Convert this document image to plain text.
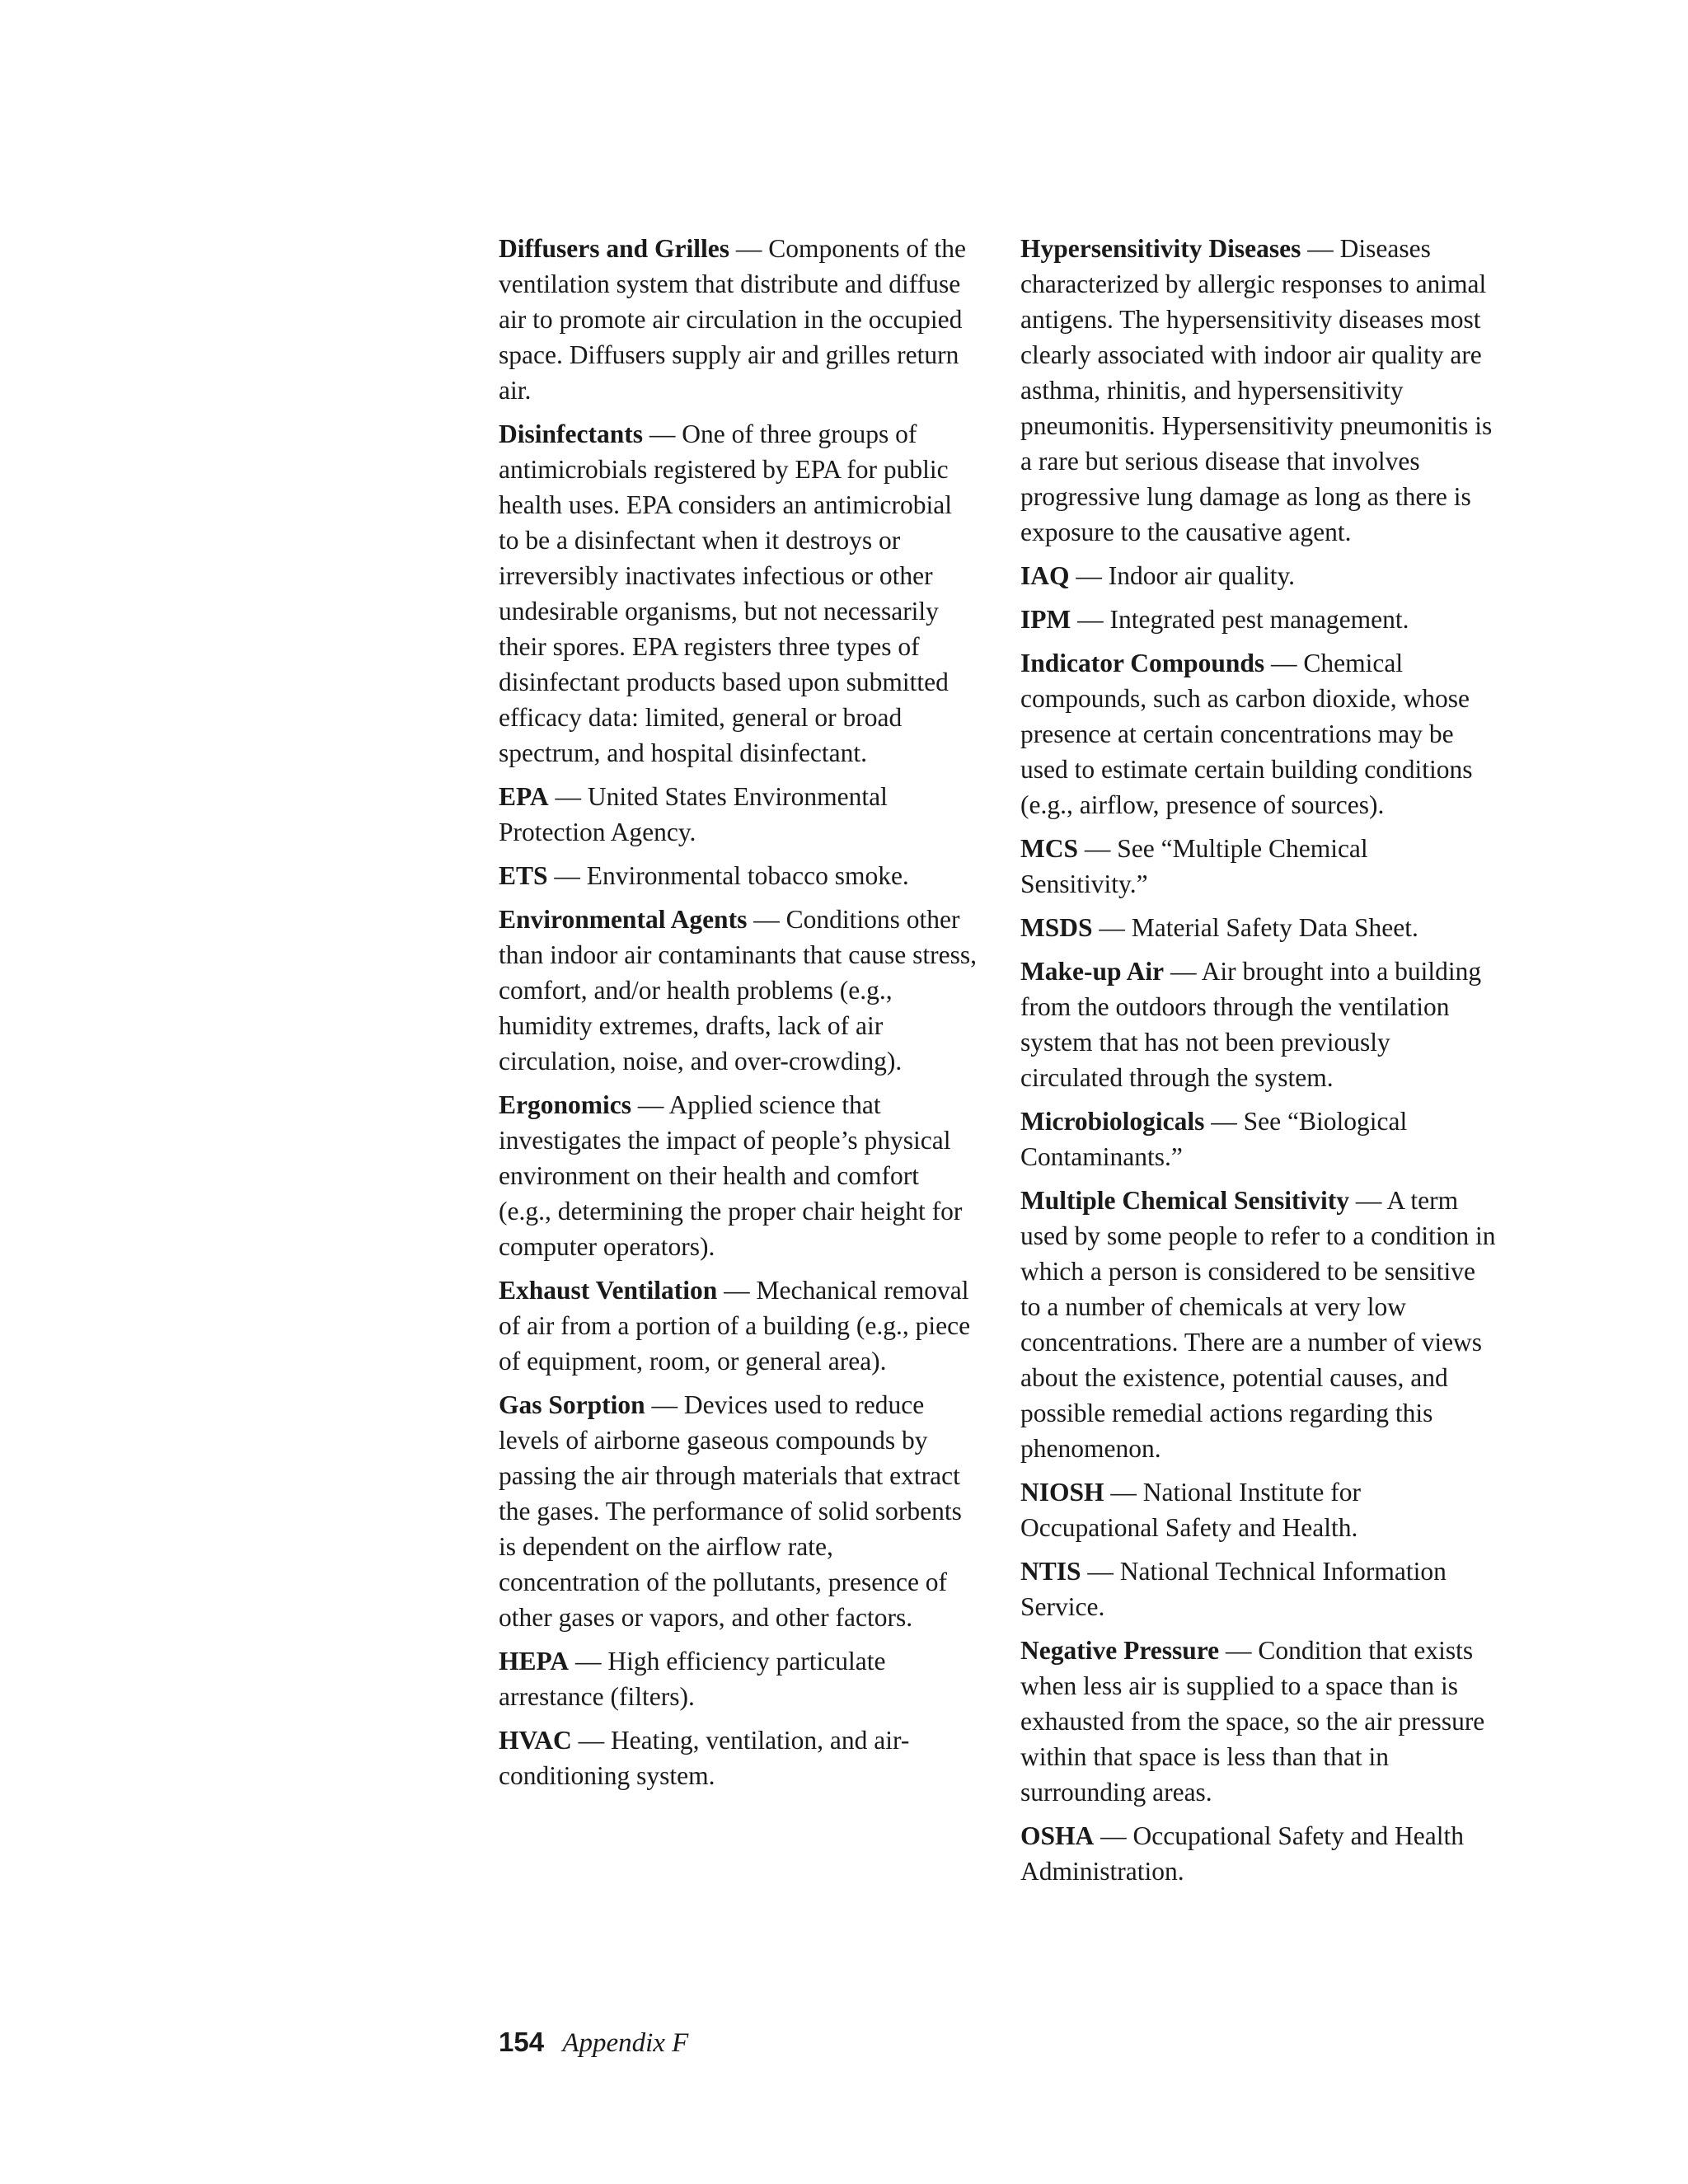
Diffusers and Grilles — Components of the ventilation system that distribute and diffuse air to promote air circulation in the occupied space. Diffusers supply air and grilles return air.

Disinfectants — One of three groups of antimicrobials registered by EPA for public health uses. EPA considers an antimicrobial to be a disinfectant when it destroys or irreversibly inactivates infectious or other undesirable organisms, but not necessarily their spores. EPA registers three types of disinfectant products based upon submitted efficacy data: limited, general or broad spectrum, and hospital disinfectant.

EPA — United States Environmental Protection Agency.

ETS — Environmental tobacco smoke.

Environmental Agents — Conditions other than indoor air contaminants that cause stress, comfort, and/or health problems (e.g., humidity extremes, drafts, lack of air circulation, noise, and over-crowding).

Ergonomics — Applied science that investigates the impact of people’s physical environment on their health and comfort (e.g., determining the proper chair height for computer operators).

Exhaust Ventilation — Mechanical removal of air from a portion of a building (e.g., piece of equipment, room, or general area).

Gas Sorption — Devices used to reduce levels of airborne gaseous compounds by passing the air through materials that extract the gases. The performance of solid sorbents is dependent on the airflow rate, concentration of the pollutants, presence of other gases or vapors, and other factors.

HEPA — High efficiency particulate arrestance (filters).

HVAC — Heating, ventilation, and air-conditioning system.

Hypersensitivity Diseases — Diseases characterized by allergic responses to animal antigens. The hypersensitivity diseases most clearly associated with indoor air quality are asthma, rhinitis, and hypersensitivity pneumonitis. Hypersensitivity pneumonitis is a rare but serious disease that involves progressive lung damage as long as there is exposure to the causative agent.

IAQ — Indoor air quality.

IPM — Integrated pest management.

Indicator Compounds — Chemical compounds, such as carbon dioxide, whose presence at certain concentrations may be used to estimate certain building conditions (e.g., airflow, presence of sources).

MCS — See “Multiple Chemical Sensitivity.”

MSDS — Material Safety Data Sheet.

Make-up Air — Air brought into a building from the outdoors through the ventilation system that has not been previously circulated through the system.

Microbiologicals — See “Biological Contaminants.”

Multiple Chemical Sensitivity — A term used by some people to refer to a condition in which a person is considered to be sensitive to a number of chemicals at very low concentrations. There are a number of views about the existence, potential causes, and possible remedial actions regarding this phenomenon.

NIOSH — National Institute for Occupational Safety and Health.

NTIS — National Technical Information Service.

Negative Pressure — Condition that exists when less air is supplied to a space than is exhausted from the space, so the air pressure within that space is less than that in surrounding areas.

OSHA — Occupational Safety and Health Administration.

154 Appendix F
